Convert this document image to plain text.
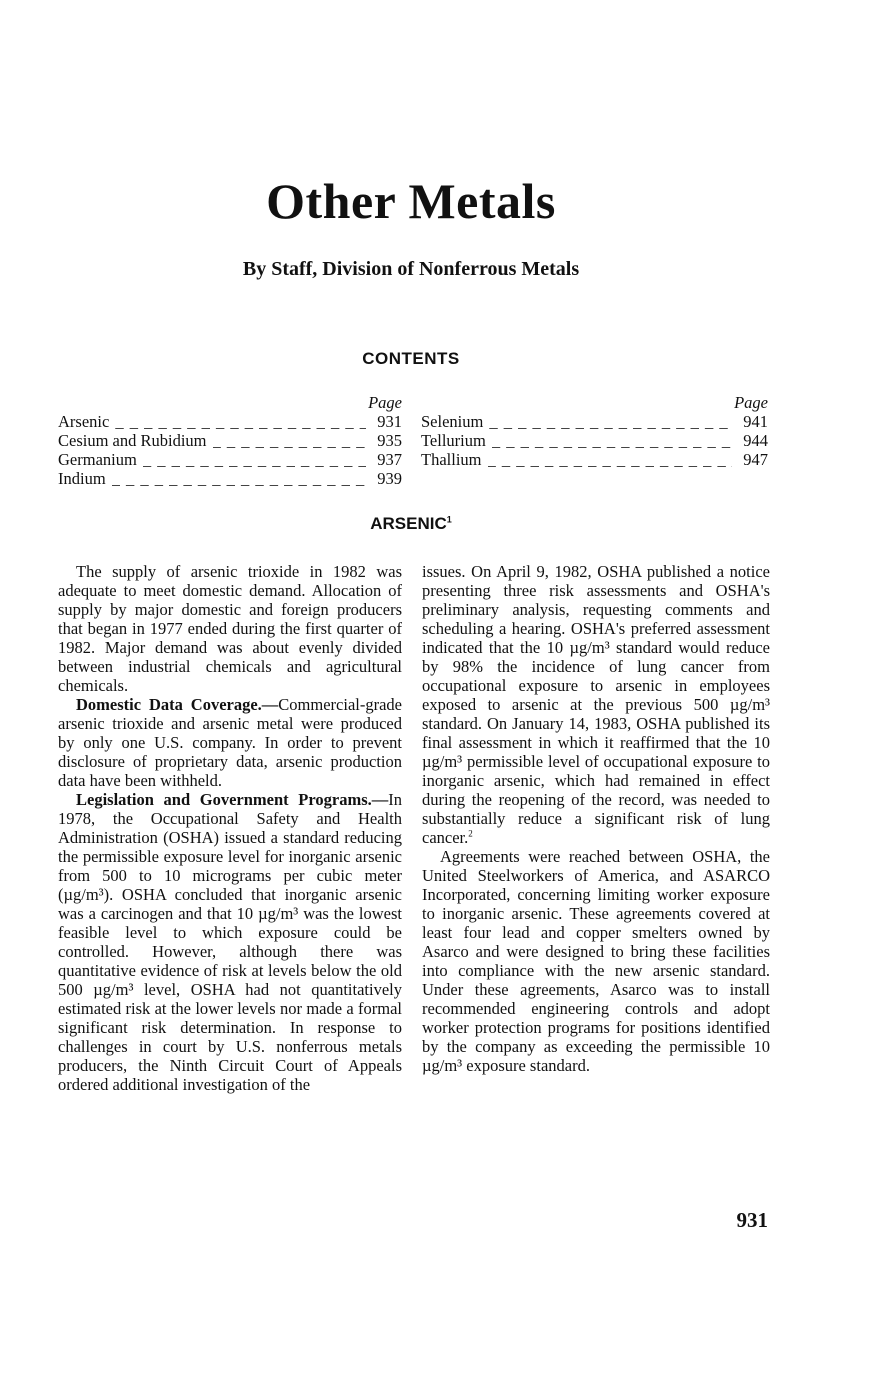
Other Metals
By Staff, Division of Nonferrous Metals
CONTENTS
Page
Arsenic _ _ _	931
Cesium and Rubidium _ _ _	935
Germanium _ _ _	937
Indium _ _ _	939
Page
Selenium _ _ _	941
Tellurium _ _ _	944
Thallium _ _ _	947
ARSENIC$^1$

The supply of arsenic trioxide in 1982 was adequate to meet domestic demand. Allocation of supply by major domestic and foreign producers that began in 1977 ended during the first quarter of 1982. Major demand was about evenly divided between industrial chemicals and agricultural chemicals.

Domestic Data Coverage.—Commercial-grade arsenic trioxide and arsenic metal were produced by only one U.S. company. In order to prevent disclosure of proprietary data, arsenic production data have been withheld.

Legislation and Government Programs.—In 1978, the Occupational Safety and Health Administration (OSHA) issued a standard reducing the permissible exposure level for inorganic arsenic from 500 to 10 micrograms per cubic meter (µg/m³). OSHA concluded that inorganic arsenic was a carcinogen and that 10 µg/m³ was the lowest feasible level to which exposure could be controlled. However, although there was quantitative evidence of risk at levels below the old 500 µg/m³ level, OSHA had not quantitatively estimated risk at the lower levels nor made a formal significant risk determination. In response to challenges in court by U.S. nonferrous metals producers, the Ninth Circuit Court of Appeals ordered additional investigation of the

issues. On April 9, 1982, OSHA published a notice presenting three risk assessments and OSHA's preliminary analysis, requesting comments and scheduling a hearing. OSHA's preferred assessment indicated that the 10 µg/m³ standard would reduce by 98% the incidence of lung cancer from occupational exposure to arsenic in employees exposed to arsenic at the previous 500 µg/m³ standard. On January 14, 1983, OSHA published its final assessment in which it reaffirmed that the 10 µg/m³ permissible level of occupational exposure to inorganic arsenic, which had remained in effect during the reopening of the record, was needed to substantially reduce a significant risk of lung cancer.$^2$

Agreements were reached between OSHA, the United Steelworkers of America, and ASARCO Incorporated, concerning limiting worker exposure to inorganic arsenic. These agreements covered at least four lead and copper smelters owned by Asarco and were designed to bring these facilities into compliance with the new arsenic standard. Under these agreements, Asarco was to install recommended engineering controls and adopt worker protection programs for positions identified by the company as exceeding the permissible 10 µg/m³ exposure standard.

931
